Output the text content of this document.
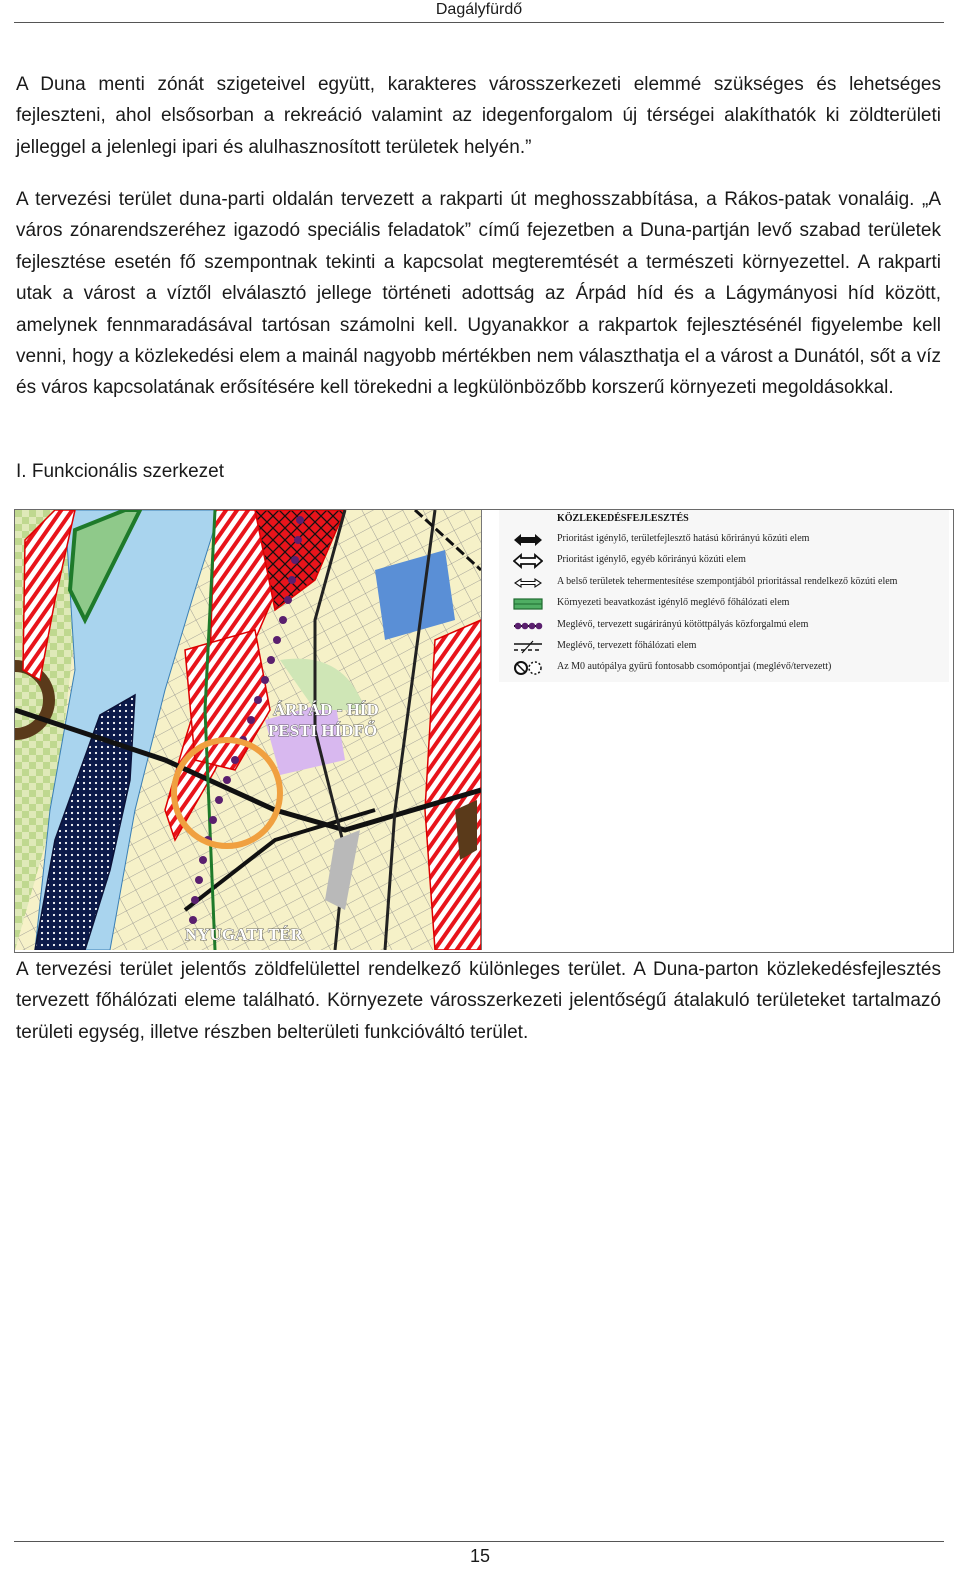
Dagályfürdő

A Duna menti zónát szigeteivel együtt, karakteres városszerkezeti elemmé szükséges és lehetséges fejleszteni, ahol elsősorban a rekreáció valamint az idegenforgalom új térségei alakíthatók ki zöldterületi jelleggel a jelenlegi ipari és alulhasznosított területek helyén.”

A tervezési terület duna-parti oldalán tervezett a rakparti út meghosszabbítása, a Rákos-patak vonaláig. „A város zónarendszeréhez igazodó speciális feladatok” című fejezetben a Duna-partján levő szabad területek fejlesztése esetén fő szempontnak tekinti a kapcsolat megteremtését a természeti környezettel. A rakparti utak a várost a víztől elválasztó jellege történeti adottság az Árpád híd és a Lágymányosi híd között, amelynek fennmaradásával tartósan számolni kell. Ugyanakkor a rakpartok fejlesztésénél figyelembe kell venni, hogy a közlekedési elem a mainál nagyobb mértékben nem választhatja el a várost a Dunától, sőt a víz és város kapcsolatának erősítésére kell törekedni a legkülönbözőbb korszerű környezeti megoldásokkal.

I. Funkcionális szerkezet
ÁRPÁD - HÍD
PESTI HÍDFŐ
NYUGATI TÉR
KÖZLEKEDÉSFEJLESZTÉS
Prioritást igénylő, területfejlesztő hatású kőrirányú közúti elem
Prioritást igénylő, egyéb kőrirányú közúti elem
A belső területek tehermentesítése szempontjából prioritással rendelkező közúti elem
Környezeti beavatkozást igénylő meglévő főhálózati elem
Meglévő, tervezett sugárirányú kötöttpályás közforgalmú elem
Meglévő, tervezett főhálózati elem
Az M0 autópálya gyűrű fontosabb csomópontjai (meglévő/tervezett)

A tervezési terület jelentős zöldfelülettel rendelkező különleges terület. A Duna-parton közlekedésfejlesztés tervezett főhálózati eleme található. Környezete városszerkezeti jelentőségű átalakuló területeket tartalmazó területi egység, illetve részben belterületi funkcióváltó terület.

15
